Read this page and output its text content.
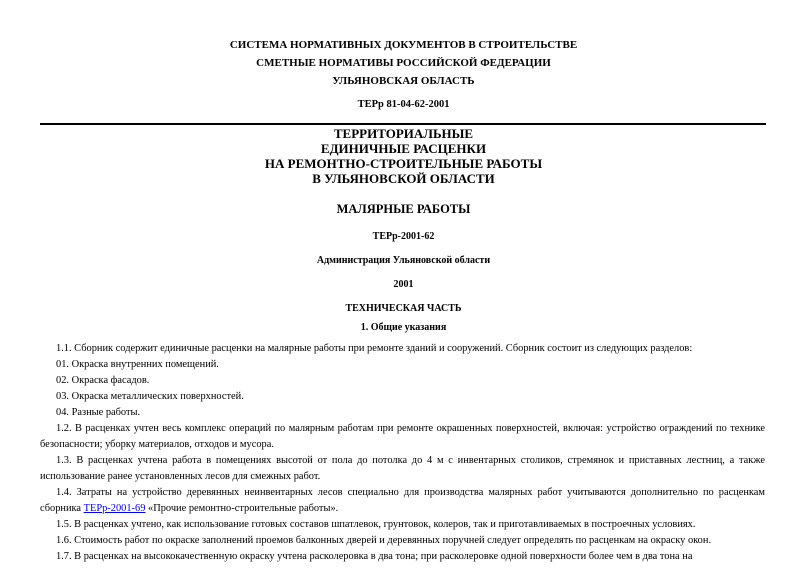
СИСТЕМА НОРМАТИВНЫХ ДОКУМЕНТОВ В СТРОИТЕЛЬСТВЕ
СМЕТНЫЕ НОРМАТИВЫ РОССИЙСКОЙ ФЕДЕРАЦИИ
УЛЬЯНОВСКАЯ ОБЛАСТЬ
ТЕРр 81-04-62-2001
ТЕРРИТОРИАЛЬНЫЕ
ЕДИНИЧНЫЕ РАСЦЕНКИ
НА РЕМОНТНО-СТРОИТЕЛЬНЫЕ РАБОТЫ
В УЛЬЯНОВСКОЙ ОБЛАСТИ
МАЛЯРНЫЕ РАБОТЫ
ТЕРр-2001-62
Администрация Ульяновской области
2001
ТЕХНИЧЕСКАЯ ЧАСТЬ
1. Общие указания

1.1. Сборник содержит единичные расценки на малярные работы при ремонте зданий и сооружений. Сборник состоит из следующих разделов:

01. Окраска внутренних помещений.

02. Окраска фасадов.

03. Окраска металлических поверхностей.

04. Разные работы.

1.2. В расценках учтен весь комплекс операций по малярным работам при ремонте окрашенных поверхностей, включая: устройство ограждений по технике безопасности; уборку материалов, отходов и мусора.

1.3. В расценках учтена работа в помещениях высотой от пола до потолка до 4 м с инвентарных столиков, стремянок и приставных лестниц, а также использование ранее установленных лесов для смежных работ.

1.4. Затраты на устройство деревянных неинвентарных лесов специально для производства малярных работ учитываются дополнительно по расценкам сборника ТЕРр-2001-69 «Прочие ремонтно-строительные работы».

1.5. В расценках учтено, как использование готовых составов шпатлевок, грунтовок, колеров, так и приготавливаемых в построечных условиях.

1.6. Стоимость работ по окраске заполнений проемов балконных дверей и деревянных поручней следует определять по расценкам на окраску окон.

1.7. В расценках на высококачественную окраску учтена расколеровка в два тона; при расколеровке одной поверхности более чем в два тона на
